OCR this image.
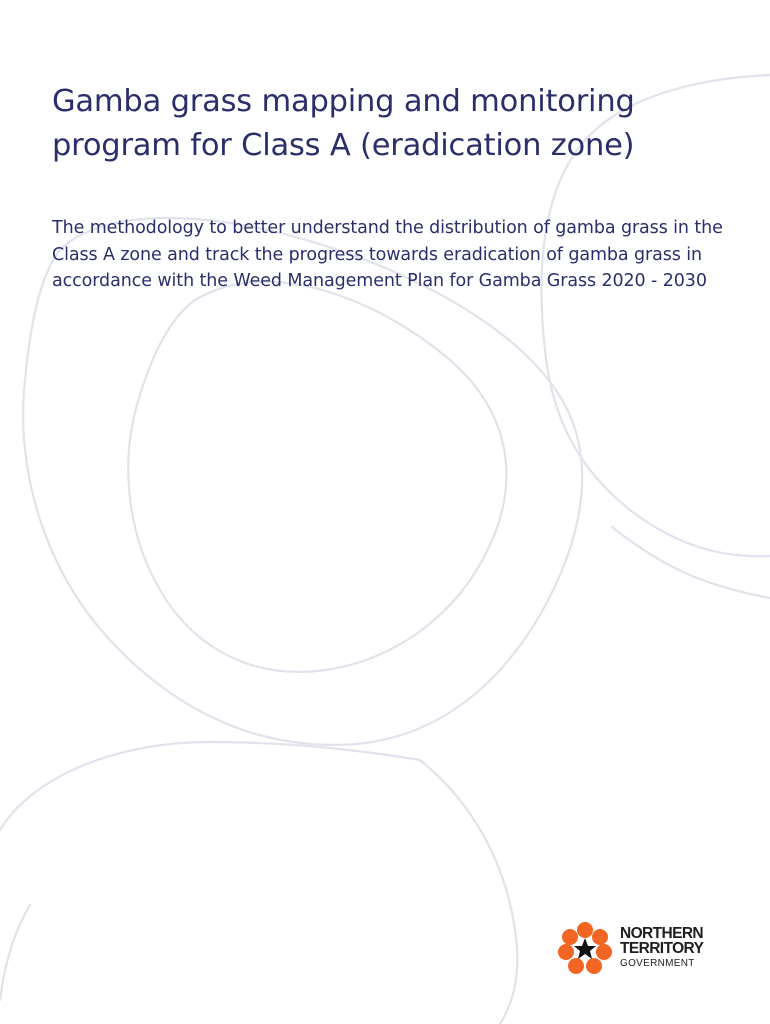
Gamba grass mapping and monitoring program for Class A (eradication zone)

The methodology to better understand the distribution of gamba grass in the Class A zone and track the progress towards eradication of gamba grass in accordance with the Weed Management Plan for Gamba Grass 2020 - 2030

NORTHERN
TERRITORY
GOVERNMENT
